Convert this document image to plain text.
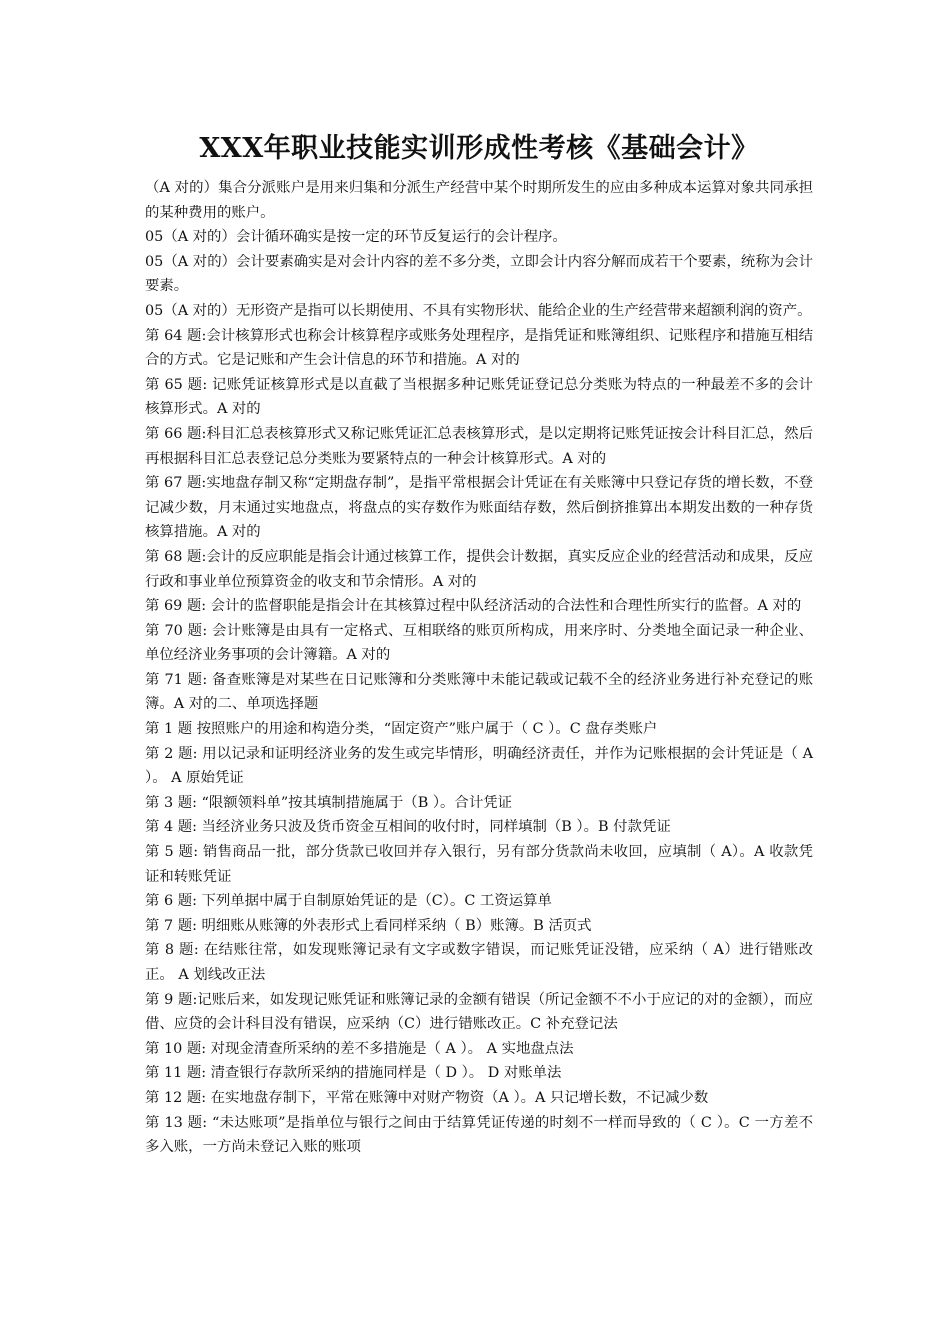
XXX年职业技能实训形成性考核《基础会计》

（A 对的）集合分派账户是用来归集和分派生产经营中某个时期所发生的应由多种成本运算对象共同承担的某种费用的账户。

05（A 对的）会计循环确实是按一定的环节反复运行的会计程序。

05（A 对的）会计要素确实是对会计内容的差不多分类，立即会计内容分解而成若干个要素，统称为会计要素。

05（A 对的）无形资产是指可以长期使用、不具有实物形状、能给企业的生产经营带来超额利润的资产。

第 64 题:会计核算形式也称会计核算程序或账务处理程序，是指凭证和账簿组织、记账程序和措施互相结合的方式。它是记账和产生会计信息的环节和措施。A 对的

第 65 题: 记账凭证核算形式是以直截了当根据多种记账凭证登记总分类账为特点的一种最差不多的会计核算形式。A 对的

第 66 题:科目汇总表核算形式又称记账凭证汇总表核算形式，是以定期将记账凭证按会计科目汇总，然后再根据科目汇总表登记总分类账为要紧特点的一种会计核算形式。A 对的

第 67 题:实地盘存制又称“定期盘存制”，是指平常根据会计凭证在有关账簿中只登记存货的增长数，不登记减少数，月末通过实地盘点，将盘点的实存数作为账面结存数，然后倒挤推算出本期发出数的一种存货核算措施。A 对的

第 68 题:会计的反应职能是指会计通过核算工作，提供会计数据，真实反应企业的经营活动和成果，反应行政和事业单位预算资金的收支和节余情形。A 对的

第 69 题: 会计的监督职能是指会计在其核算过程中队经济活动的合法性和合理性所实行的监督。A 对的

第 70 题: 会计账簿是由具有一定格式、互相联络的账页所构成，用来序时、分类地全面记录一种企业、单位经济业务事项的会计簿籍。A 对的

第 71 题: 备查账簿是对某些在日记账簿和分类账簿中未能记载或记载不全的经济业务进行补充登记的账簿。A 对的二、单项选择题

第 1 题 按照账户的用途和构造分类，“固定资产”账户属于（ C ）。C 盘存类账户

第 2 题: 用以记录和证明经济业务的发生或完毕情形，明确经济责任，并作为记账根据的会计凭证是（ A ）。 A 原始凭证

第 3 题: “限额领料单”按其填制措施属于（B ）。合计凭证

第 4 题: 当经济业务只波及货币资金互相间的收付时，同样填制（B ）。B 付款凭证

第 5 题: 销售商品一批，部分货款已收回并存入银行，另有部分货款尚未收回，应填制（ A）。A 收款凭证和转账凭证

第 6 题: 下列单据中属于自制原始凭证的是（C）。C 工资运算单

第 7 题: 明细账从账簿的外表形式上看同样采纳（ B）账簿。B 活页式

第 8 题: 在结账往常，如发现账簿记录有文字或数字错误，而记账凭证没错，应采纳（ A）进行错账改正。 A 划线改正法

第 9 题:记账后来，如发现记账凭证和账簿记录的金额有错误（所记金额不不小于应记的对的金额），而应借、应贷的会计科目没有错误，应采纳（C）进行错账改正。C 补充登记法

第 10 题: 对现金清查所采纳的差不多措施是（ A ）。 A 实地盘点法

第 11 题: 清查银行存款所采纳的措施同样是（ D ）。 D 对账单法

第 12 题: 在实地盘存制下，平常在账簿中对财产物资（A ）。A 只记增长数，不记减少数

第 13 题: “未达账项”是指单位与银行之间由于结算凭证传递的时刻不一样而导致的（ C ）。C 一方差不多入账，一方尚未登记入账的账项
